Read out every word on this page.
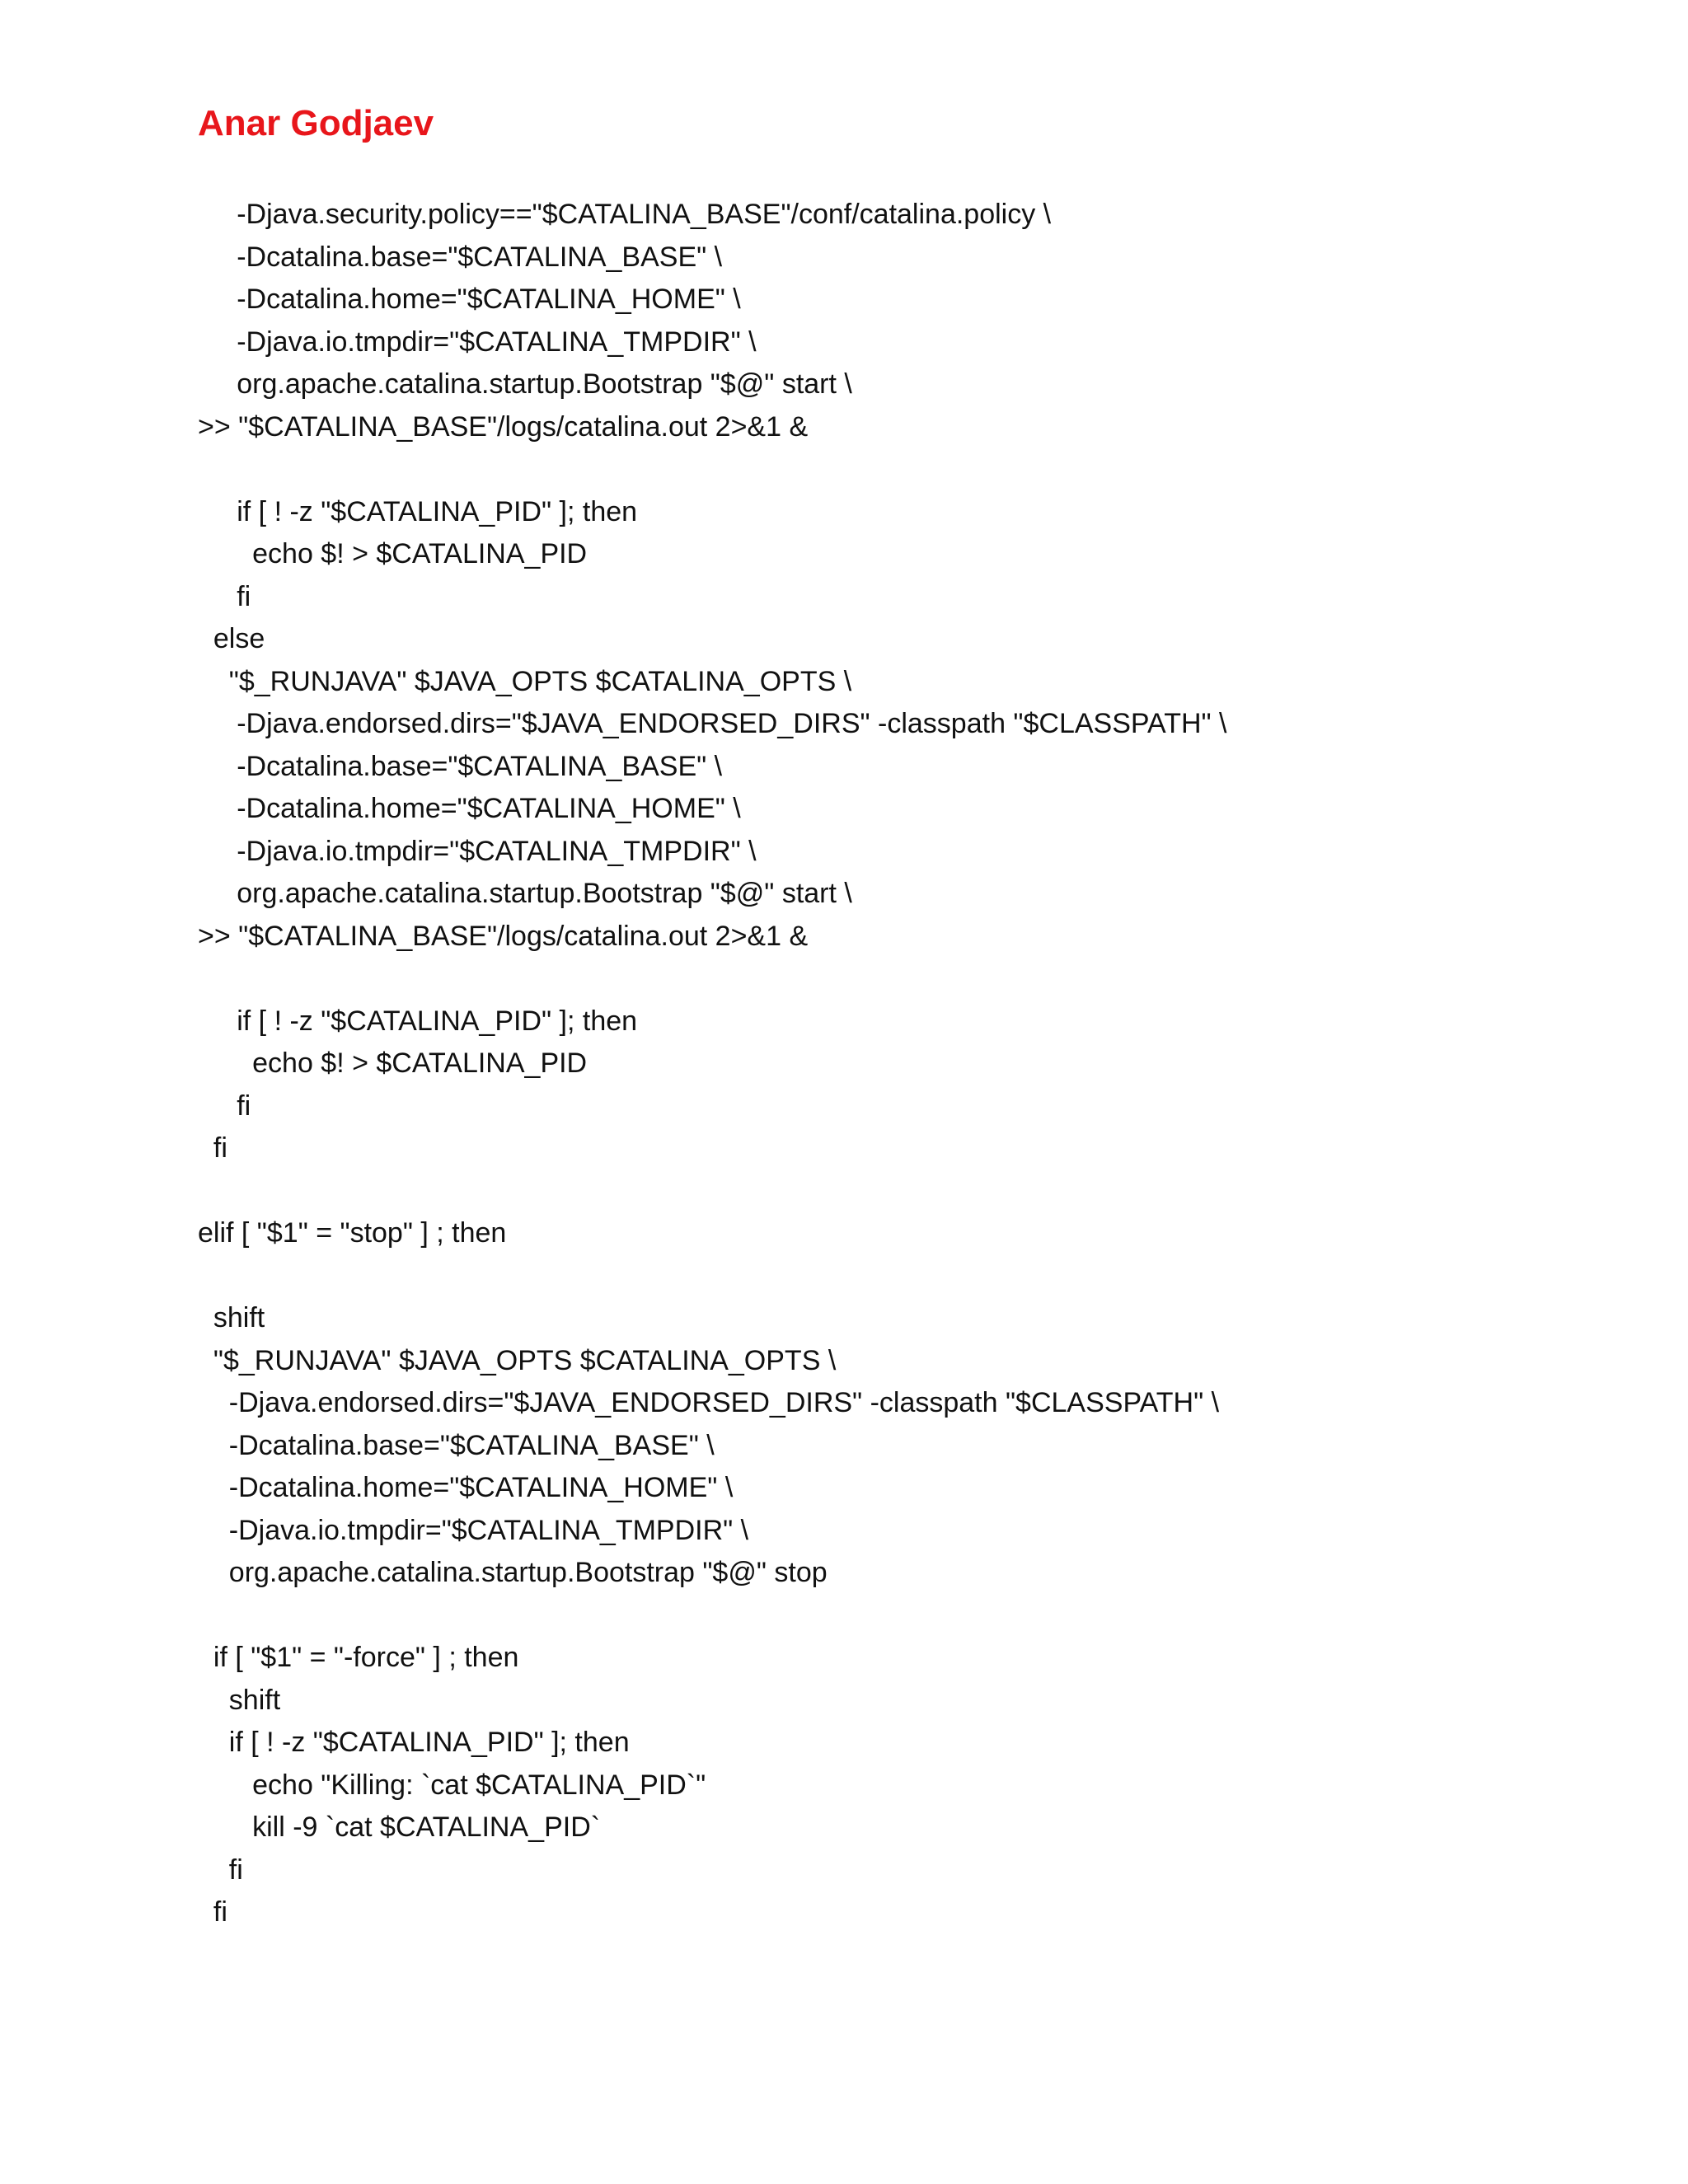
Anar Godjaev
-Djava.security.policy=="$CATALINA_BASE"/conf/catalina.policy \
-Dcatalina.base="$CATALINA_BASE" \
-Dcatalina.home="$CATALINA_HOME" \
-Djava.io.tmpdir="$CATALINA_TMPDIR" \
org.apache.catalina.startup.Bootstrap "$@" start \
>> "$CATALINA_BASE"/logs/catalina.out 2>&1 &
if [ ! -z "$CATALINA_PID" ]; then
echo $! > $CATALINA_PID
fi
else
"$_RUNJAVA" $JAVA_OPTS $CATALINA_OPTS \
-Djava.endorsed.dirs="$JAVA_ENDORSED_DIRS" -classpath "$CLASSPATH" \
-Dcatalina.base="$CATALINA_BASE" \
-Dcatalina.home="$CATALINA_HOME" \
-Djava.io.tmpdir="$CATALINA_TMPDIR" \
org.apache.catalina.startup.Bootstrap "$@" start \
>> "$CATALINA_BASE"/logs/catalina.out 2>&1 &
if [ ! -z "$CATALINA_PID" ]; then
echo $! > $CATALINA_PID
fi
fi
elif [ "$1" = "stop" ] ; then
shift
"$_RUNJAVA" $JAVA_OPTS $CATALINA_OPTS \
-Djava.endorsed.dirs="$JAVA_ENDORSED_DIRS" -classpath "$CLASSPATH" \
-Dcatalina.base="$CATALINA_BASE" \
-Dcatalina.home="$CATALINA_HOME" \
-Djava.io.tmpdir="$CATALINA_TMPDIR" \
org.apache.catalina.startup.Bootstrap "$@" stop
if [ "$1" = "-force" ] ; then
shift
if [ ! -z "$CATALINA_PID" ]; then
echo "Killing: `cat $CATALINA_PID`"
kill -9 `cat $CATALINA_PID`
fi
fi
